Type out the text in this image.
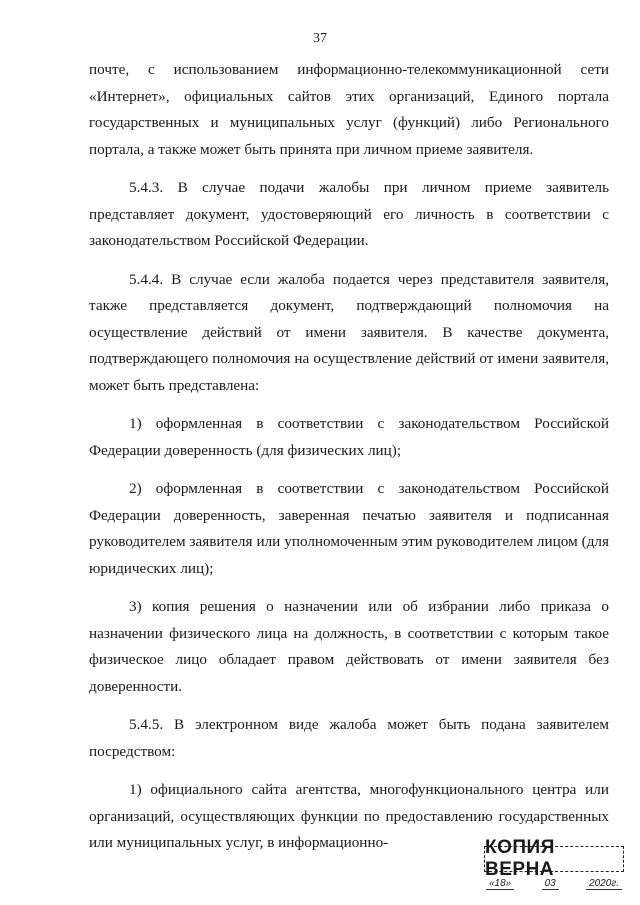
37

почте, с использованием информационно-телекоммуникационной сети «Интернет», официальных сайтов этих организаций, Единого портала государственных и муниципальных услуг (функций) либо Регионального портала, а также может быть принята при личном приеме заявителя.

5.4.3. В случае подачи жалобы при личном приеме заявитель представляет документ, удостоверяющий его личность в соответствии с законодательством Российской Федерации.

5.4.4. В случае если жалоба подается через представителя заявителя, также представляется документ, подтверждающий полномочия на осуществление действий от имени заявителя. В качестве документа, подтверждающего полномочия на осуществление действий от имени заявителя, может быть представлена:

1) оформленная в соответствии с законодательством Российской Федерации доверенность (для физических лиц);

2) оформленная в соответствии с законодательством Российской Федерации доверенность, заверенная печатью заявителя и подписанная руководителем заявителя или уполномоченным этим руководителем лицом (для юридических лиц);

3) копия решения о назначении или об избрании либо приказа о назначении физического лица на должность, в соответствии с которым такое физическое лицо обладает правом действовать от имени заявителя без доверенности.

5.4.5. В электронном виде жалоба может быть подана заявителем посредством:

1) официального сайта агентства, многофункционального центра или организаций, осуществляющих функции по предоставлению государственных или муниципальных услуг, в информационно-	КОПИЯ ВЕРНА
«18»	03	2020г.
